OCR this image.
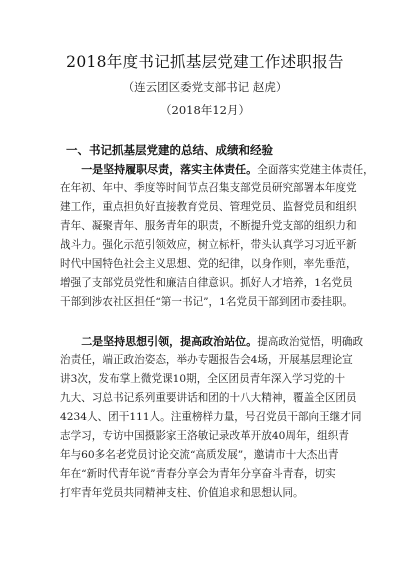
2018年度书记抓基层党建工作述职报告
（连云团区委党支部书记 赵虎）
（2018年12月）
一、书记抓基层党建的总结、成绩和经验
　　一是坚持履职尽责，落实主体责任。全面落实党建主体责任，
在年初、年中、季度等时间节点召集支部党员研究部署本年度党
建工作，重点担负好直接教育党员、管理党员、监督党员和组织
青年、凝聚青年、服务青年的职责，不断提升党支部的组织力和
战斗力。强化示范引领效应，树立标杆，带头认真学习习近平新
时代中国特色社会主义思想、党的纪律，以身作则，率先垂范，
增强了支部党员党性和廉洁自律意识。抓好人才培养，1名党员
干部到涉农社区担任“第一书记”，1名党员干部到团市委挂职。
　　二是坚持思想引领，提高政治站位。提高政治觉悟，明确政
治责任，端正政治姿态，举办专题报告会4场，开展基层理论宣
讲3次，发布掌上微党课10期，全区团员青年深入学习党的十
九大、习总书记系列重要讲话和团的十八大精神，覆盖全区团员
4234人、团干111人。注重榜样力量，号召党员干部向王继才同
志学习，专访中国摄影家王洛敏记录改革开放40周年，组织青
年与60多名老党员讨论交流“高质发展”，邀请市十大杰出青
年在“新时代青年说”青春分享会为青年分享奋斗青春，切实
打牢青年党员共同精神支柱、价值追求和思想认同。
